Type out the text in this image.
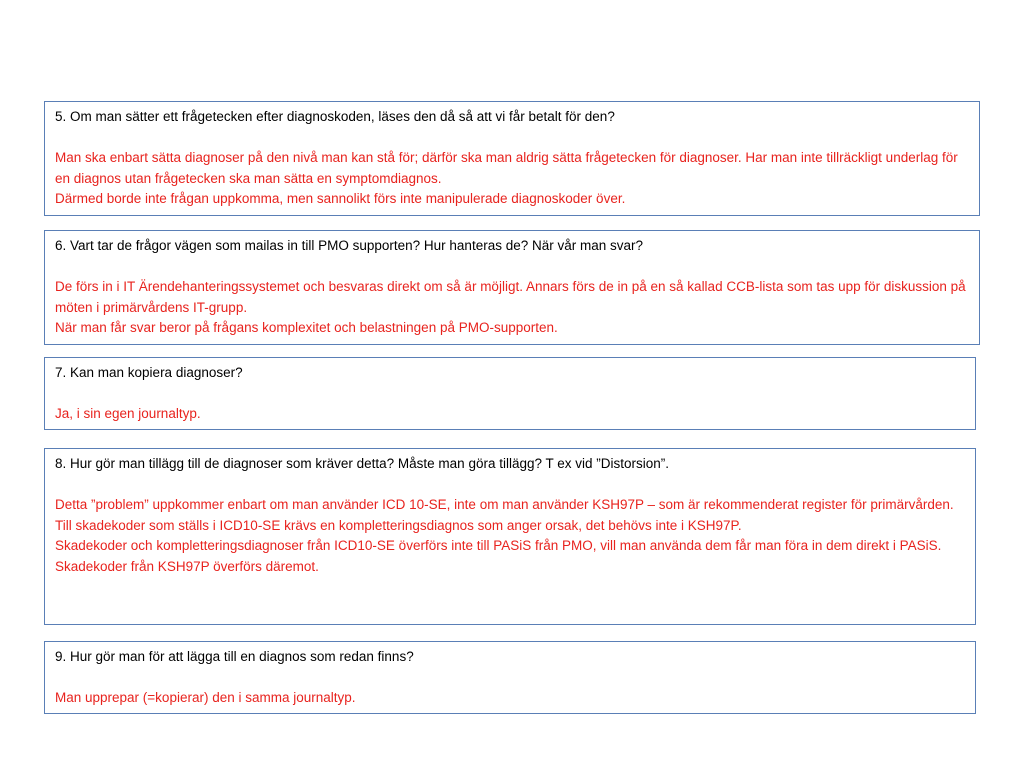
5. Om man sätter ett frågetecken efter diagnoskoden, läses den då så att vi får betalt för den?
Man ska enbart sätta diagnoser på den nivå man kan stå för; därför ska man aldrig sätta frågetecken för diagnoser. Har man inte tillräckligt underlag för en diagnos utan frågetecken ska man sätta en symptomdiagnos.
Därmed borde inte frågan uppkomma, men sannolikt förs inte manipulerade diagnoskoder över.
6. Vart tar de frågor vägen som mailas in till PMO supporten? Hur hanteras de? När vår man svar?
De förs in i IT Ärendehanteringssystemet och besvaras direkt om så är möjligt. Annars förs de in på en så kallad CCB-lista som tas upp för diskussion på möten i primärvårdens IT-grupp.
När man får svar beror på frågans komplexitet och belastningen på PMO-supporten.
7. Kan man kopiera diagnoser?
Ja, i sin egen journaltyp.
8. Hur gör man tillägg till de diagnoser som kräver detta? Måste man göra tillägg? T ex vid ”Distorsion”.
Detta ”problem” uppkommer enbart om man använder ICD 10-SE, inte om man använder KSH97P – som är rekommenderat register för primärvården.
Till skadekoder som ställs i ICD10-SE krävs en kompletteringsdiagnos som anger orsak, det behövs inte i KSH97P.
Skadekoder och kompletteringsdiagnoser från ICD10-SE överförs inte till PASiS från PMO, vill man använda dem får man föra in dem direkt i PASiS.
Skadekoder från KSH97P överförs däremot.
9. Hur gör man för att lägga till en diagnos som redan finns?
Man upprepar (=kopierar) den i samma journaltyp.
